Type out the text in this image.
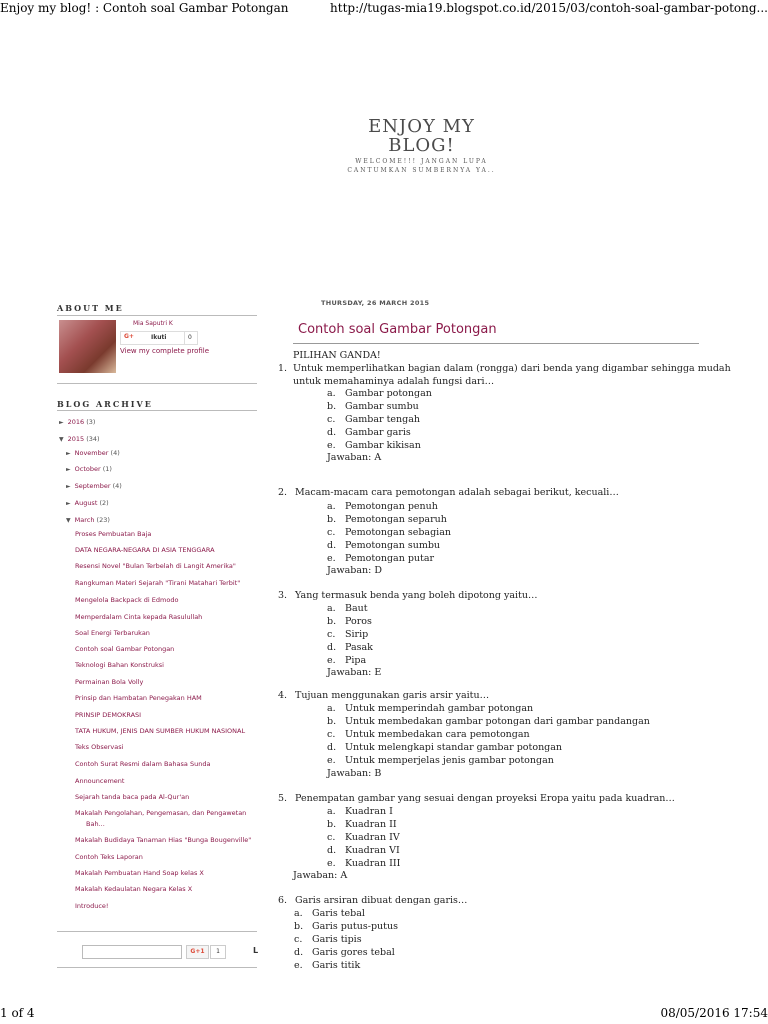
Enjoy my blog! : Contoh soal Gambar Potongan	http://tugas-mia19.blogspot.co.id/2015/03/contoh-soal-gambar-potong...
1 of 4	08/05/2016 17:54
ENJOY MY
BLOG!
WELCOME!!! JANGAN LUPA
CANTUMKAN SUMBERNYA YA..
ABOUT ME
Mia Saputri K
G+	Ikuti	0
View my complete profile
BLOG ARCHIVE
► 2016 (3)
▼ 2015 (34)
► November (4)
► October (1)
► September (4)
► August (2)
▼ March (23)
Proses Pembuatan Baja
DATA NEGARA-NEGARA DI ASIA TENGGARA
Resensi Novel "Bulan Terbelah di Langit Amerika"
Rangkuman Materi Sejarah "Tirani Matahari Terbit"
Mengelola Backpack di Edmodo
Memperdalam Cinta kepada Rasulullah
Soal Energi Terbarukan
Contoh soal Gambar Potongan
Teknologi Bahan Konstruksi
Permainan Bola Volly
Prinsip dan Hambatan Penegakan HAM
PRINSIP DEMOKRASI
TATA HUKUM, JENIS DAN SUMBER HUKUM NASIONAL
Teks Observasi
Contoh Surat Resmi dalam Bahasa Sunda
Announcement
Sejarah tanda baca pada Al-Qur'an
Makalah Pengolahan, Pengemasan, dan Pengawetan
Bah...
Makalah Budidaya Tanaman Hias "Bunga Bougenville"
Contoh Teks Laporan
Makalah Pembuatan Hand Soap kelas X
Makalah Kedaulatan Negara Kelas X
Introduce!
G+1	1	L
THURSDAY, 26 MARCH 2015
Contoh soal Gambar Potongan
PILIHAN GANDA!
1. Untuk memperlihatkan bagian dalam (rongga) dari benda yang digambar sehingga mudah
untuk memahaminya adalah fungsi dari…
a. Gambar potongan
b. Gambar sumbu
c. Gambar tengah
d. Gambar garis
e. Gambar kikisan
Jawaban: A
2. Macam-macam cara pemotongan adalah sebagai berikut, kecuali…
a. Pemotongan penuh
b. Pemotongan separuh
c. Pemotongan sebagian
d. Pemotongan sumbu
e. Pemotongan putar
Jawaban: D
3. Yang termasuk benda yang boleh dipotong yaitu…
a. Baut
b. Poros
c. Sirip
d. Pasak
e. Pipa
Jawaban: E
4. Tujuan menggunakan garis arsir yaitu…
a. Untuk memperindah gambar potongan
b. Untuk membedakan gambar potongan dari gambar pandangan
c. Untuk membedakan cara pemotongan
d. Untuk melengkapi standar gambar potongan
e. Untuk memperjelas jenis gambar potongan
Jawaban: B
5. Penempatan gambar yang sesuai dengan proyeksi Eropa yaitu pada kuadran…
a. Kuadran I
b. Kuadran II
c. Kuadran IV
d. Kuadran VI
e. Kuadran III
Jawaban: A
6. Garis arsiran dibuat dengan garis…
a. Garis tebal
b. Garis putus-putus
c. Garis tipis
d. Garis gores tebal
e. Garis titik
